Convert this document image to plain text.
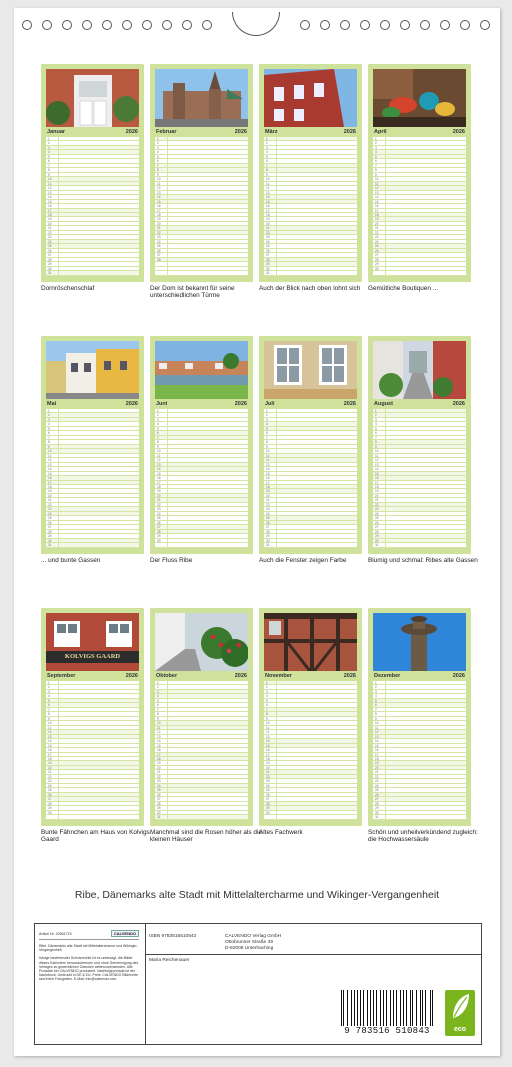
Januar	2026
1
2
3
4
5
6
7
8
9
10
11
12
13
14
15
16
17
18
19
20
21
22
23
24
25
26
27
28
29
30
31
Dornröschenschlaf
Februar	2026
1
2
3
4
5
6
7
8
9
10
11
12
13
14
15
16
17
18
19
20
21
22
23
24
25
26
27
28
Der Dom ist bekannt für seine unterschiedlichen Türme
März	2026
1
2
3
4
5
6
7
8
9
10
11
12
13
14
15
16
17
18
19
20
21
22
23
24
25
26
27
28
29
30
31
Auch der Blick nach oben lohnt sich
April	2026
1
2
3
4
5
6
7
8
9
10
11
12
13
14
15
16
17
18
19
20
21
22
23
24
25
26
27
28
29
30
Gemütliche Boutiquen ...
Mai	2026
1
2
3
4
5
6
7
8
9
10
11
12
13
14
15
16
17
18
19
20
21
22
23
24
25
26
27
28
29
30
31
... und bunte Gassen
Juni	2026
1
2
3
4
5
6
7
8
9
10
11
12
13
14
15
16
17
18
19
20
21
22
23
24
25
26
27
28
29
30
Der Fluss Ribe
Juli	2026
1
2
3
4
5
6
7
8
9
10
11
12
13
14
15
16
17
18
19
20
21
22
23
24
25
26
27
28
29
30
31
Auch die Fenster zeigen Farbe
August	2026
1
2
3
4
5
6
7
8
9
10
11
12
13
14
15
16
17
18
19
20
21
22
23
24
25
26
27
28
29
30
31
Blumig und schmal: Ribes alte Gassen
KOLVIGS GAARD
September	2026
1
2
3
4
5
6
7
8
9
10
11
12
13
14
15
16
17
18
19
20
21
22
23
24
25
26
27
28
29
30
Bunte Fähnchen am Haus von Kolvigs Gaard
Oktober	2026
1
2
3
4
5
6
7
8
9
10
11
12
13
14
15
16
17
18
19
20
21
22
23
24
25
26
27
28
29
30
31
Manchmal sind die Rosen höher als die kleinen Häuser
November	2026
1
2
3
4
5
6
7
8
9
10
11
12
13
14
15
16
17
18
19
20
21
22
23
24
25
26
27
28
29
30
Altes Fachwerk
Dezember	2026
1
2
3
4
5
6
7
8
9
10
11
12
13
14
15
16
17
18
19
20
21
22
23
24
25
26
27
28
29
30
31
Schön und unheilverkündend zugleich: die Hochwassersäule
Ribe, Dänemarks alte Stadt mit Mittelaltercharme und Wikinger-Vergangenheit
Artikel Nr. 20961715	CALVENDO
Ribe, Dänemarks alte Stadt mit Mittelaltercharme und Wikinger-Vergangenheit
Infolge bestehender Schutzrechte ist es untersagt, die Bilder dieses Kalenders herauszutrennen und ohne Genehmigung des Verlages zu gewerblichen Zwecken weiterzuverwenden. Alle Produkte bei CALVENDO produziert. Nachfolgeprodukt ist der Nachdruck. Gedruckt in DE & EU. Preis: CALVENDO Bildrechte sind beim Fotografen. E-Mail: info@calvendo.com
ISBN 9783516510843	CALVENDO Verlag GmbH
Ottobrunner Straße 39
D-82008 Unterhaching
Maria Reichenauer
9 783516 510843	eco
